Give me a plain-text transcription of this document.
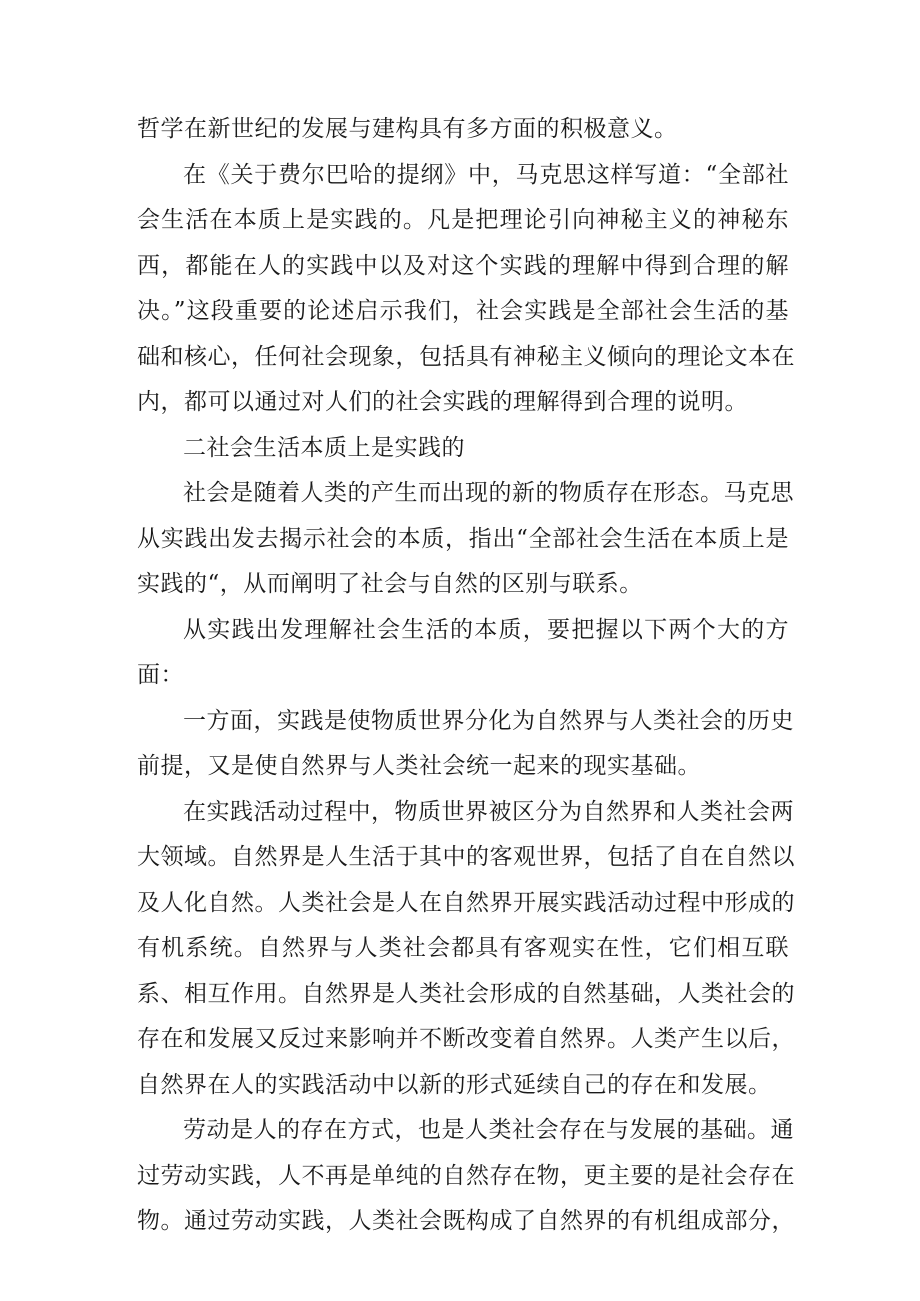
哲学在新世纪的发展与建构具有多方面的积极意义。
在《关于费尔巴哈的提纲》中，马克思这样写道：“全部社
会生活在本质上是实践的。凡是把理论引向神秘主义的神秘东
西，都能在人的实践中以及对这个实践的理解中得到合理的解
决。”这段重要的论述启示我们，社会实践是全部社会生活的基
础和核心，任何社会现象，包括具有神秘主义倾向的理论文本在
内，都可以通过对人们的社会实践的理解得到合理的说明。
二社会生活本质上是实践的
社会是随着人类的产生而出现的新的物质存在形态。马克思
从实践出发去揭示社会的本质，指出“全部社会生活在本质上是
实践的“，从而阐明了社会与自然的区别与联系。
从实践出发理解社会生活的本质，要把握以下两个大的方
面：
一方面，实践是使物质世界分化为自然界与人类社会的历史
前提，又是使自然界与人类社会统一起来的现实基础。
在实践活动过程中，物质世界被区分为自然界和人类社会两
大领域。自然界是人生活于其中的客观世界，包括了自在自然以
及人化自然。人类社会是人在自然界开展实践活动过程中形成的
有机系统。自然界与人类社会都具有客观实在性，它们相互联
系、相互作用。自然界是人类社会形成的自然基础，人类社会的
存在和发展又反过来影响并不断改变着自然界。人类产生以后，
自然界在人的实践活动中以新的形式延续自己的存在和发展。
劳动是人的存在方式，也是人类社会存在与发展的基础。通
过劳动实践，人不再是单纯的自然存在物，更主要的是社会存在
物。通过劳动实践，人类社会既构成了自然界的有机组成部分，
